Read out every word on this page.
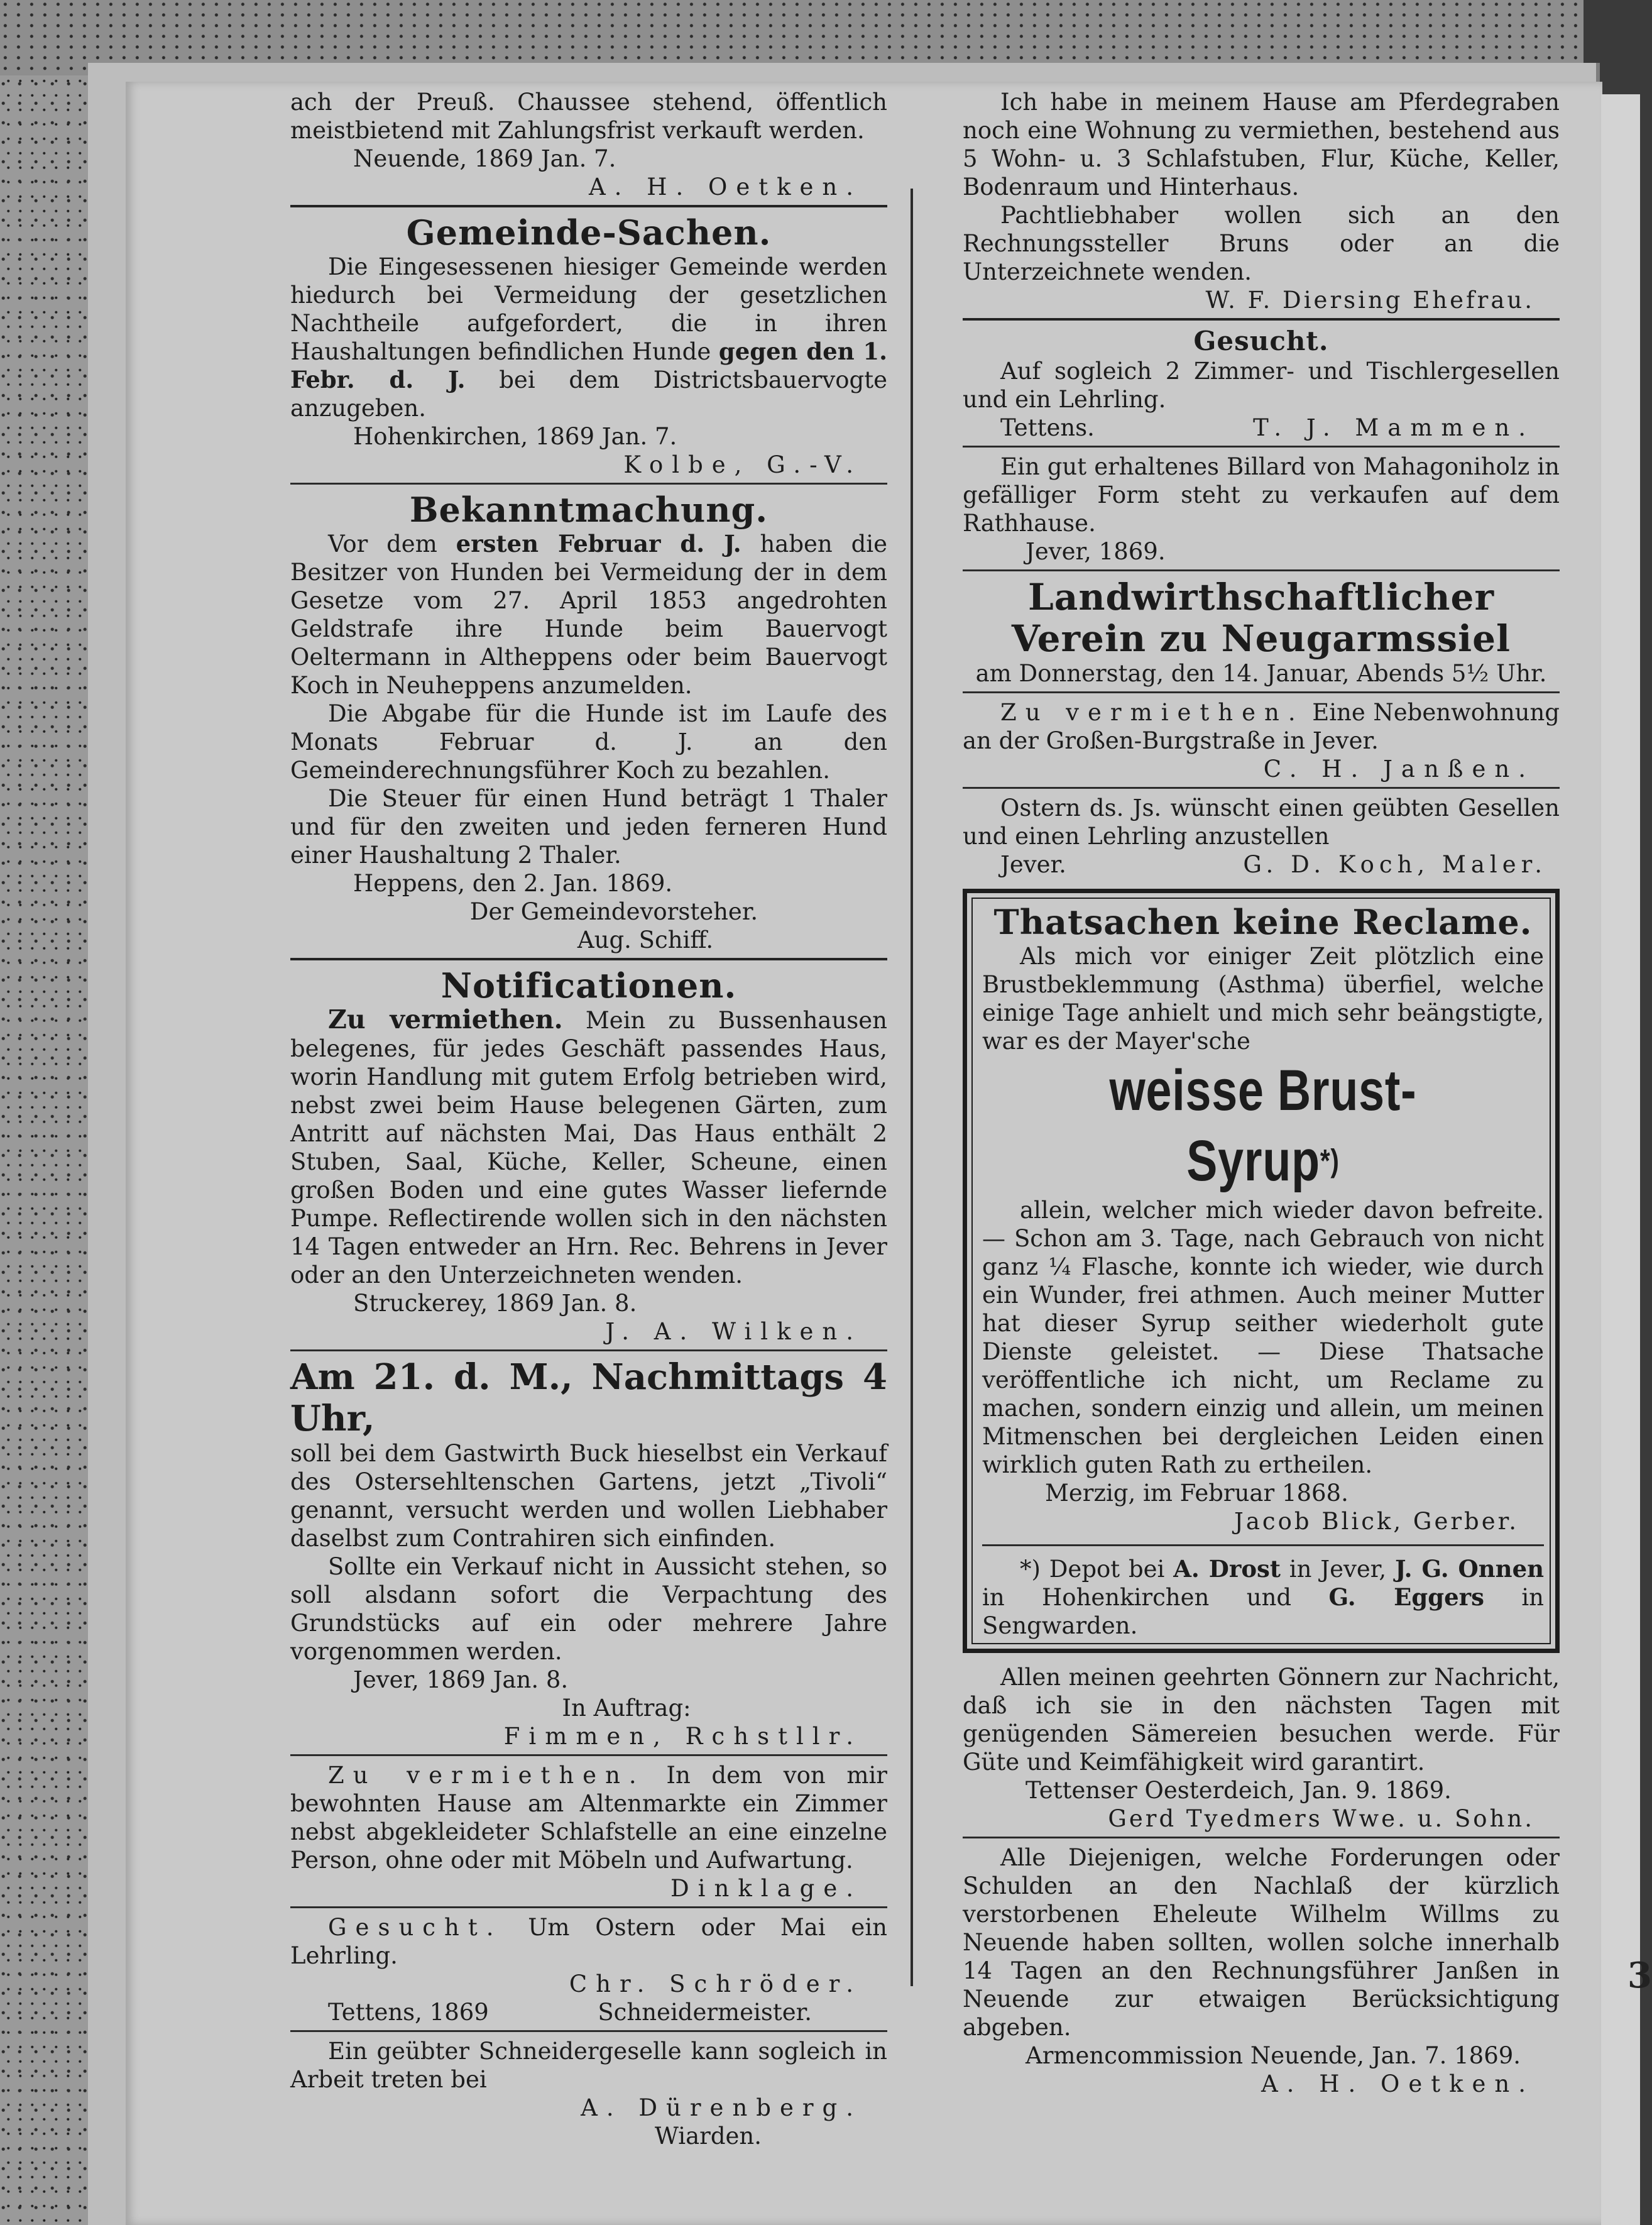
3

ach der Preuß. Chaussee stehend, öffentlich meistbietend mit Zahlungsfrist verkauft werden.

Neuende, 1869 Jan. 7.
A. H. Oetken.
Gemeinde-Sachen.

Die Eingesessenen hiesiger Gemeinde werden hiedurch bei Vermeidung der gesetzlichen Nachtheile aufgefordert, die in ihren Haushaltungen befindlichen Hunde gegen den 1. Febr. d. J. bei dem Districtsbauervogte anzugeben.

Hohenkirchen, 1869 Jan. 7.
Kolbe, G.-V.
Bekanntmachung.

Vor dem ersten Februar d. J. haben die Besitzer von Hunden bei Vermeidung der in dem Gesetze vom 27. April 1853 angedrohten Geldstrafe ihre Hunde beim Bauervogt Oeltermann in Altheppens oder beim Bauervogt Koch in Neuheppens anzumelden.

Die Abgabe für die Hunde ist im Laufe des Monats Februar d. J. an den Gemeinderechnungsführer Koch zu bezahlen.

Die Steuer für einen Hund beträgt 1 Thaler und für den zweiten und jeden ferneren Hund einer Haushaltung 2 Thaler.

Heppens, den 2. Jan. 1869.
Der Gemeindevorsteher.
Aug. Schiff.
Notificationen.

Zu vermiethen. Mein zu Bussenhausen belegenes, für jedes Geschäft passendes Haus, worin Handlung mit gutem Erfolg betrieben wird, nebst zwei beim Hause belegenen Gärten, zum Antritt auf nächsten Mai, Das Haus enthält 2 Stuben, Saal, Küche, Keller, Scheune, einen großen Boden und eine gutes Wasser liefernde Pumpe. Reflectirende wollen sich in den nächsten 14 Tagen entweder an Hrn. Rec. Behrens in Jever oder an den Unterzeichneten wenden.

Struckerey, 1869 Jan. 8.
J. A. Wilken.
Am 21. d. M., Nachmittags 4 Uhr,

soll bei dem Gastwirth Buck hieselbst ein Verkauf des Ostersehltenschen Gartens, jetzt „Tivoli“ genannt, versucht werden und wollen Liebhaber daselbst zum Contrahiren sich einfinden.

Sollte ein Verkauf nicht in Aussicht stehen, so soll alsdann sofort die Verpachtung des Grundstücks auf ein oder mehrere Jahre vorgenommen werden.

Jever, 1869 Jan. 8.
In Auftrag:
Fimmen, Rchstllr.

Zu vermiethen. In dem von mir bewohnten Hause am Altenmarkte ein Zimmer nebst abgekleideter Schlafstelle an eine einzelne Person, ohne oder mit Möbeln und Aufwartung.

Dinklage.

Gesucht. Um Ostern oder Mai ein Lehrling.

Chr. Schröder.
Tettens, 1869	Schneidermeister.

Ein geübter Schneidergeselle kann sogleich in Arbeit treten bei

A. Dürenberg.
Wiarden.

Ich habe in meinem Hause am Pferdegraben noch eine Wohnung zu vermiethen, bestehend aus 5 Wohn- u. 3 Schlafstuben, Flur, Küche, Keller, Bodenraum und Hinterhaus.

Pachtliebhaber wollen sich an den Rechnungssteller Bruns oder an die Unterzeichnete wenden.

W. F. Diersing Ehefrau.
Gesucht.

Auf sogleich 2 Zimmer- und Tischlergesellen und ein Lehrling.

Tettens.	T. J. Mammen.

Ein gut erhaltenes Billard von Mahagoniholz in gefälliger Form steht zu verkaufen auf dem Rathhause.

Jever, 1869.
Landwirthschaftlicher Verein zu Neugarmssiel
am Donnerstag, den 14. Januar, Abends 5½ Uhr.

Zu vermiethen. Eine Nebenwohnung an der Großen-Burgstraße in Jever.

C. H. Janßen.

Ostern ds. Js. wünscht einen geübten Gesellen und einen Lehrling anzustellen

Jever.	G. D. Koch, Maler.
Thatsachen keine Reclame.

Als mich vor einiger Zeit plötzlich eine Brustbeklemmung (Asthma) überfiel, welche einige Tage anhielt und mich sehr beängstigte, war es der Mayer'sche

weisse Brust-Syrup*)

allein, welcher mich wieder davon befreite. — Schon am 3. Tage, nach Gebrauch von nicht ganz ¼ Flasche, konnte ich wieder, wie durch ein Wunder, frei athmen. Auch meiner Mutter hat dieser Syrup seither wiederholt gute Dienste geleistet. — Diese Thatsache veröffentliche ich nicht, um Reclame zu machen, sondern einzig und allein, um meinen Mitmenschen bei dergleichen Leiden einen wirklich guten Rath zu ertheilen.

Merzig, im Februar 1868.
Jacob Blick, Gerber.

*) Depot bei A. Drost in Jever, J. G. Onnen in Hohenkirchen und G. Eggers in Sengwarden.

Allen meinen geehrten Gönnern zur Nachricht, daß ich sie in den nächsten Tagen mit genügenden Sämereien besuchen werde. Für Güte und Keimfähigkeit wird garantirt.

Tettenser Oesterdeich, Jan. 9. 1869.
Gerd Tyedmers Wwe. u. Sohn.

Alle Diejenigen, welche Forderungen oder Schulden an den Nachlaß der kürzlich verstorbenen Eheleute Wilhelm Willms zu Neuende haben sollten, wollen solche innerhalb 14 Tagen an den Rechnungsführer Janßen in Neuende zur etwaigen Berücksichtigung abgeben.

Armencommission Neuende, Jan. 7. 1869.
A. H. Oetken.
